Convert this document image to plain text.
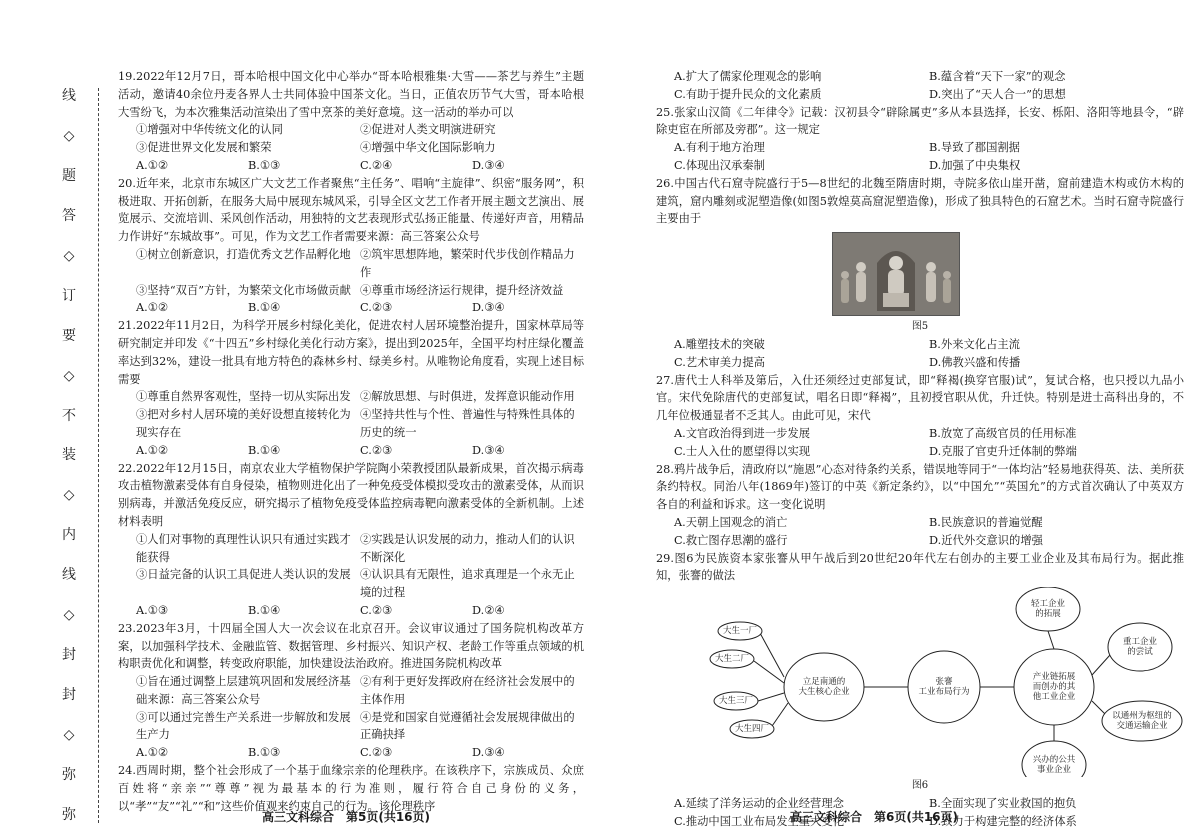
线
◇
题
答
◇
订
要
◇
不
装
◇
内
线
◇
封
封
◇
弥
弥

19.2022年12月7日，哥本哈根中国文化中心举办“哥本哈根雅集·大雪——茶艺与养生”主题活动，邀请40余位丹麦各界人士共同体验中国茶文化。当日，正值农历节气大雪，哥本哈根大雪纷飞，为本次雅集活动渲染出了雪中烹茶的美好意境。这一活动的举办可以

①增强对中华传统文化的认同	②促进对人类文明演进研究
③促进世界文化发展和繁荣	④增强中华文化国际影响力
A.①②	B.①③	C.②④	D.③④

20.近年来，北京市东城区广大文艺工作者聚焦“主任务”、唱响“主旋律”、织密“服务网”，积极进取、开拓创新，在服务大局中展现东城风采，引导全区文艺工作者开展主题文艺演出、展览展示、交流培训、采风创作活动，用独特的文艺表现形式弘扬正能量、传递好声音，用精品力作讲好“东城故事”。可见，作为文艺工作者需要来源：高三答案公众号

①树立创新意识，打造优秀文艺作品孵化地 ②筑牢思想阵地，繁荣时代步伐创作精品力作
③坚持“双百”方针，为繁荣文化市场做贡献 ④尊重市场经济运行规律，提升经济效益
A.①②	B.①④	C.②③	D.③④

21.2022年11月2日，为科学开展乡村绿化美化，促进农村人居环境整治提升，国家林草局等研究制定并印发《“十四五”乡村绿化美化行动方案》，提出到2025年，全国平均村庄绿化覆盖率达到32%，建设一批具有地方特色的森林乡村、绿美乡村。从唯物论角度看，实现上述目标需要

①尊重自然界客观性，坚持一切从实际出发 ②解放思想、与时俱进，发挥意识能动作用
③把对乡村人居环境的美好设想直接转化为现实存在
④坚持共性与个性、普遍性与特殊性具体的历史的统一
A.①②	B.①④	C.②③	D.③④

22.2022年12月15日，南京农业大学植物保护学院陶小荣教授团队最新成果，首次揭示病毒攻击植物激素受体有自身侵染，植物则进化出了一种免疫受体模拟受攻击的激素受体，从而识别病毒，并激活免疫反应，研究揭示了植物免疫受体监控病毒靶向激素受体的全新机制。上述材料表明

①人们对事物的真理性认识只有通过实践才能获得
②实践是认识发展的动力，推动人们的认识不断深化
③日益完备的认识工具促进人类认识的发展 ④认识具有无限性，追求真理是一个永无止境的过程
A.①③	B.①④	C.②③	D.②④

23.2023年3月，十四届全国人大一次会议在北京召开。会议审议通过了国务院机构改革方案，以加强科学技术、金融监管、数据管理、乡村振兴、知识产权、老龄工作等重点领域的机构职责优化和调整，转变政府职能，加快建设法治政府。推进国务院机构改革

①旨在通过调整上层建筑巩固和发展经济基础来源：高三答案公众号
②有利于更好发挥政府在经济社会发展中的主体作用
③可以通过完善生产关系进一步解放和发展生产力
④是党和国家自觉遵循社会发展规律做出的正确抉择
A.①②	B.①③	C.②③	D.③④

24.西周时期，整个社会形成了一个基于血缘宗亲的伦理秩序。在该秩序下，宗族成员、众庶百姓将“亲亲”“尊尊”视为最基本的行为准则，履行符合自己身份的义务，以“孝”“友”“礼”“和”这些价值观来约束自己的行为。该伦理秩序

高三文科综合　第5页(共16页)
A.扩大了儒家伦理观念的影响	B.蕴含着“天下一家”的观念
C.有助于提升民众的文化素质	D.突出了“天人合一”的思想

25.张家山汉简《二年律令》记载：汉初县令“辟除属吏”多从本县选择，长安、栎阳、洛阳等地县令，“辟除吏宦在所部及旁郡”。这一规定

A.有利于地方治理	B.导致了郡国割据
C.体现出汉承秦制	D.加强了中央集权

26.中国古代石窟寺院盛行于5—8世纪的北魏至隋唐时期，寺院多依山崖开凿，窟前建造木构或仿木构的建筑，窟内雕刻或泥塑造像(如图5敦煌莫高窟泥塑造像)，形成了独具特色的石窟艺术。当时石窟寺院盛行主要由于

图5

A.雕塑技术的突破	B.外来文化占主流
C.艺术审美力提高	D.佛教兴盛和传播

27.唐代士人科举及第后，入仕还须经过吏部复试，即“释褐(换穿官服)试”，复试合格，也只授以九品小官。宋代免除唐代的吏部复试，唱名日即“释褐”，且初授官职从优，升迁快。特别是进士高科出身的，不几年位极通显者不乏其人。由此可见，宋代

A.文官政治得到进一步发展	B.放宽了高级官员的任用标准
C.士人入仕的愿望得以实现	D.克服了官吏升迁体制的弊端

28.鸦片战争后，清政府以“施恩”心态对待条约关系，错误地等同于“一体均沾”轻易地获得英、法、美所获条约特权。同治八年(1869年)签订的中英《新定条约》，以“中国允”“英国允”的方式首次确认了中英双方各自的利益和诉求。这一变化说明

A.天朝上国观念的消亡	B.民族意识的普遍觉醒
C.救亡图存思潮的盛行	D.近代外交意识的增强

29.图6为民族资本家张謇从甲午战后到20世纪20年代左右创办的主要工业企业及其布局行为。据此推知，张謇的做法

张謇
工业布局行为
立足南通的
大生核心企业
产业链拓展
而创办的其
他工业企业
大生一厂
大生二厂
大生三厂
大生四厂
轻工企业
的拓展
重工企业
的尝试
兴办的公共
事业企业
以通州为枢纽的
交通运输企业

图6

A.延续了洋务运动的企业经营理念	B.全面实现了实业救国的抱负
C.推动中国工业布局发生重大变化	D.致力于构建完整的经济体系
高三文科综合　第6页(共16页)
